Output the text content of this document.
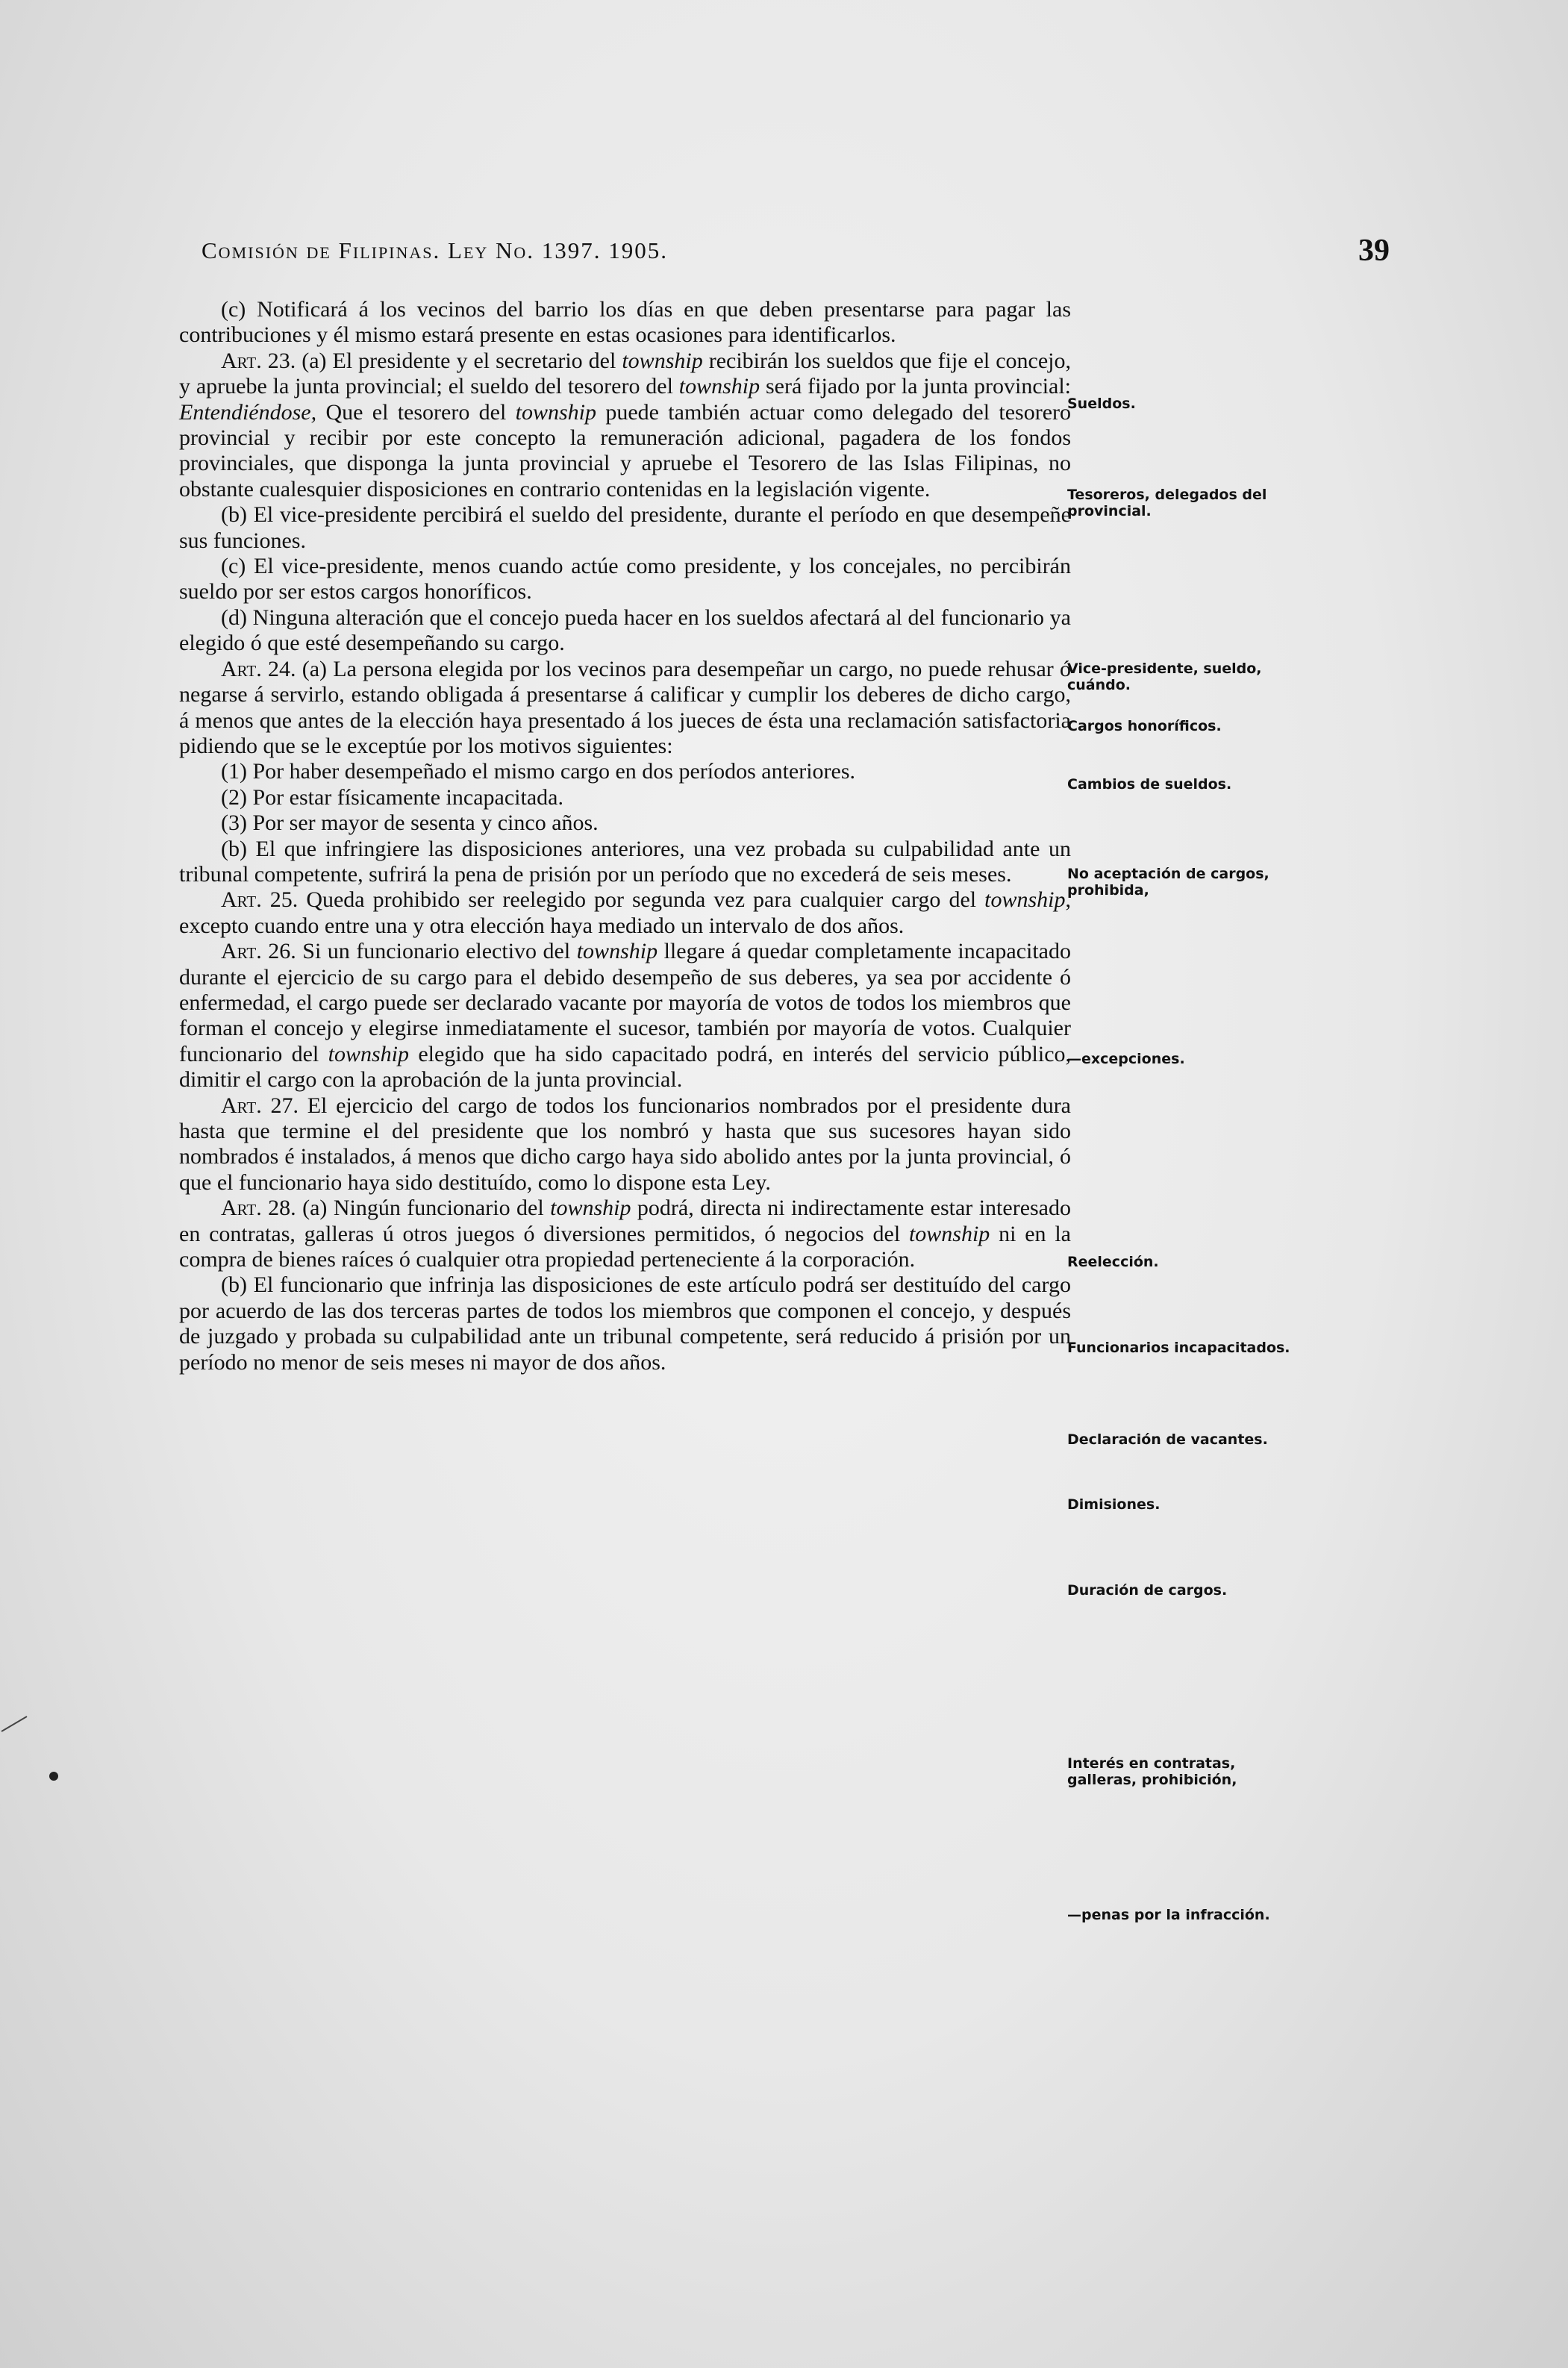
Comisión de Filipinas. Ley No. 1397. 1905.	39

(c) Notificará á los vecinos del barrio los días en que deben presentarse para pagar las contribuciones y él mismo estará presente en estas ocasiones para identificarlos.

Art. 23. (a) El presidente y el secretario del township recibirán los sueldos que fije el concejo, y apruebe la junta provincial; el sueldo del tesorero del township será fijado por la junta provincial: Entendiéndose, Que el tesorero del township puede también actuar como delegado del tesorero provincial y recibir por este concepto la remuneración adicional, pagadera de los fondos provinciales, que disponga la junta provincial y apruebe el Tesorero de las Islas Filipinas, no obstante cualesquier disposiciones en contrario contenidas en la legislación vigente.

(b) El vice-presidente percibirá el sueldo del presidente, durante el período en que desempeñe sus funciones.

(c) El vice-presidente, menos cuando actúe como presidente, y los concejales, no percibirán sueldo por ser estos cargos honoríficos.

(d) Ninguna alteración que el concejo pueda hacer en los sueldos afectará al del funcionario ya elegido ó que esté desempeñando su cargo.

Art. 24. (a) La persona elegida por los vecinos para desempeñar un cargo, no puede rehusar ó negarse á servirlo, estando obligada á presentarse á calificar y cumplir los deberes de dicho cargo, á menos que antes de la elección haya presentado á los jueces de ésta una reclamación satisfactoria pidiendo que se le exceptúe por los motivos siguientes:

(1) Por haber desempeñado el mismo cargo en dos períodos anteriores.

(2) Por estar físicamente incapacitada.

(3) Por ser mayor de sesenta y cinco años.

(b) El que infringiere las disposiciones anteriores, una vez probada su culpabilidad ante un tribunal competente, sufrirá la pena de prisión por un período que no excederá de seis meses.

Art. 25. Queda prohibido ser reelegido por segunda vez para cualquier cargo del township, excepto cuando entre una y otra elección haya mediado un intervalo de dos años.

Art. 26. Si un funcionario electivo del township llegare á quedar completamente incapacitado durante el ejercicio de su cargo para el debido desempeño de sus deberes, ya sea por accidente ó enfermedad, el cargo puede ser declarado vacante por mayoría de votos de todos los miembros que forman el concejo y elegirse inmediatamente el sucesor, también por mayoría de votos. Cualquier funcionario del township elegido que ha sido capacitado podrá, en interés del servicio público, dimitir el cargo con la aprobación de la junta provincial.

Art. 27. El ejercicio del cargo de todos los funcionarios nombrados por el presidente dura hasta que termine el del presidente que los nombró y hasta que sus sucesores hayan sido nombrados é instalados, á menos que dicho cargo haya sido abolido antes por la junta provincial, ó que el funcionario haya sido destituído, como lo dispone esta Ley.

Art. 28. (a) Ningún funcionario del township podrá, directa ni indirectamente estar interesado en contratas, galleras ú otros juegos ó diversiones permitidos, ó negocios del township ni en la compra de bienes raíces ó cualquier otra propiedad perteneciente á la corporación.

(b) El funcionario que infrinja las disposiciones de este artículo podrá ser destituído del cargo por acuerdo de las dos terceras partes de todos los miembros que componen el concejo, y después de juzgado y probada su culpabilidad ante un tribunal competente, será reducido á prisión por un período no menor de seis meses ni mayor de dos años.

Sueldos.
Tesoreros, delegados del provincial.
Vice-presidente, sueldo, cuándo.
Cargos honoríficos.
Cambios de sueldos.
No aceptación de cargos, prohibida,
—excepciones.
Reelección.
Funcionarios incapacitados.
Declaración de vacantes.
Dimisiones.
Duración de cargos.
Interés en contratas, galleras, prohibición,
—penas por la infracción.
